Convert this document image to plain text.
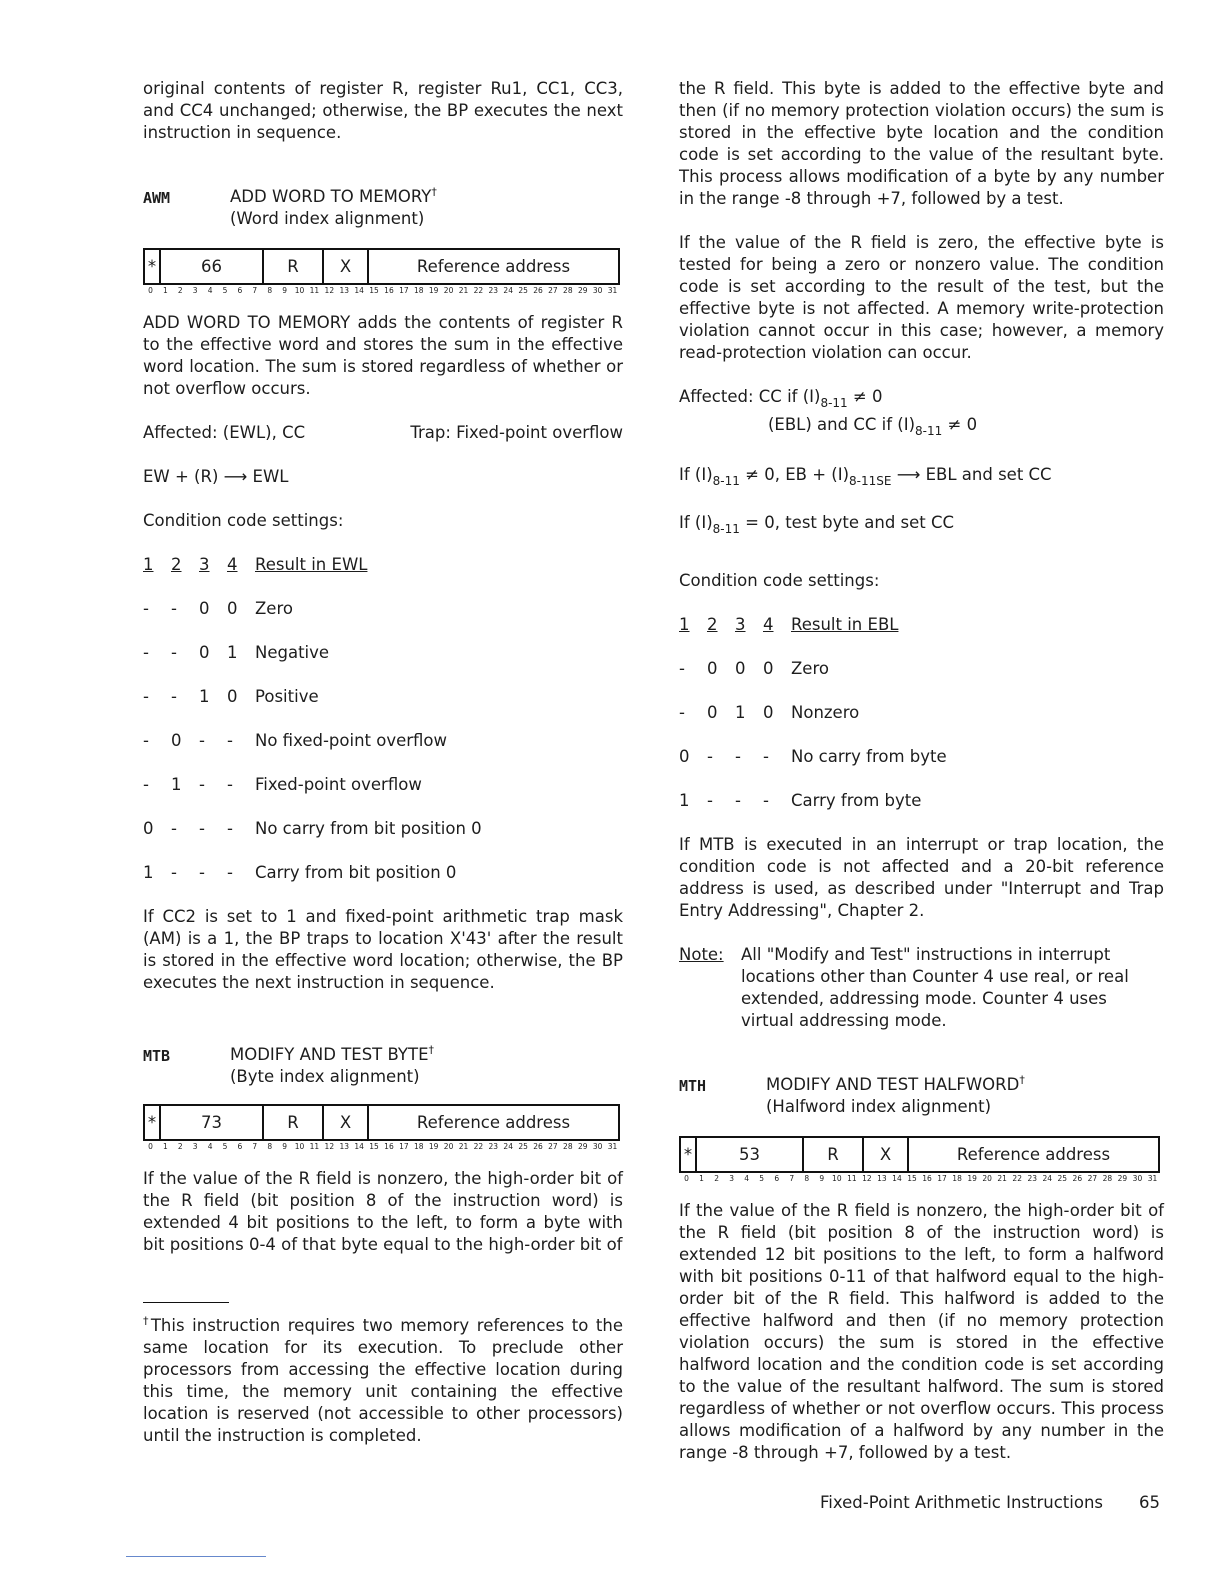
original contents of register R, register Ru1, CC1, CC3, and CC4 unchanged; otherwise, the BP executes the next instruction in sequence.

AWM	ADD WORD TO MEMORY†
(Word index alignment)
*	66	R	X	Reference address
0	1	2	3	4	5	6	7	8	9	10 11 12 13 14 15 16 17 18 19 20 21 22 23 24 25 26 27 28 29 30 31

ADD WORD TO MEMORY adds the contents of register R to the effective word and stores the sum in the effective word location. The sum is stored regardless of whether or not overflow occurs.

Affected: (EWL), CC	Trap: Fixed-point overflow

EW + (R) ⟶ EWL

Condition code settings:

1	2	3	4	Result in EWL
-	-	0	0	Zero
-	-	0	1	Negative
-	-	1	0	Positive
-	0	-	-	No fixed-point overflow
-	1	-	-	Fixed-point overflow
0	-	-	-	No carry from bit position 0
1	-	-	-	Carry from bit position 0

If CC2 is set to 1 and fixed-point arithmetic trap mask (AM) is a 1, the BP traps to location X'43' after the result is stored in the effective word location; otherwise, the BP executes the next instruction in sequence.

MTB	MODIFY AND TEST BYTE†
(Byte index alignment)
*	73	R	X	Reference address
0	1	2	3	4	5	6	7	8	9	10 11 12 13 14 15 16 17 18 19 20 21 22 23 24 25 26 27 28 29 30 31

If the value of the R field is nonzero, the high-order bit of the R field (bit position 8 of the instruction word) is extended 4 bit positions to the left, to form a byte with bit positions 0-4 of that byte equal to the high-order bit of

†This instruction requires two memory references to the same location for its execution. To preclude other processors from accessing the effective location during this time, the memory unit containing the effective location is reserved (not accessible to other processors) until the instruction is completed.

the R field. This byte is added to the effective byte and then (if no memory protection violation occurs) the sum is stored in the effective byte location and the condition code is set according to the value of the resultant byte. This process allows modification of a byte by any number in the range -8 through +7, followed by a test.

If the value of the R field is zero, the effective byte is tested for being a zero or nonzero value. The condition code is set according to the result of the test, but the effective byte is not affected. A memory write-protection violation cannot occur in this case; however, a memory read-protection violation can occur.

Affected: CC if $(I)_{8-11} \ne 0$

(EBL) and CC if $(I)_{8-11} \ne 0$

If $(I)_{8-11} \ne 0$, EB + $(I)_{8-11SE}$ ⟶ EBL and set CC

If $(I)_{8-11} = 0$, test byte and set CC

Condition code settings:

1	2	3	4	Result in EBL
-	0	0	0	Zero
-	0	1	0	Nonzero
0	-	-	-	No carry from byte
1	-	-	-	Carry from byte

If MTB is executed in an interrupt or trap location, the condition code is not affected and a 20-bit reference address is used, as described under "Interrupt and Trap Entry Addressing", Chapter 2.

Note:	All "Modify and Test" instructions in interrupt locations other than Counter 4 use real, or real extended, addressing mode. Counter 4 uses virtual addressing mode.
MTH	MODIFY AND TEST HALFWORD†
(Halfword index alignment)
*	53	R	X	Reference address
0	1	2	3	4	5	6	7	8	9	10 11 12 13 14 15 16 17 18 19 20 21 22 23 24 25 26 27 28 29 30 31

If the value of the R field is nonzero, the high-order bit of the R field (bit position 8 of the instruction word) is extended 12 bit positions to the left, to form a halfword with bit positions 0-11 of that halfword equal to the high-order bit of the R field. This halfword is added to the effective halfword and then (if no memory protection violation occurs) the sum is stored in the effective halfword location and the condition code is set according to the value of the resultant halfword. The sum is stored regardless of whether or not overflow occurs. This process allows modification of a halfword by any number in the range -8 through +7, followed by a test.

Fixed-Point Arithmetic Instructions 65
